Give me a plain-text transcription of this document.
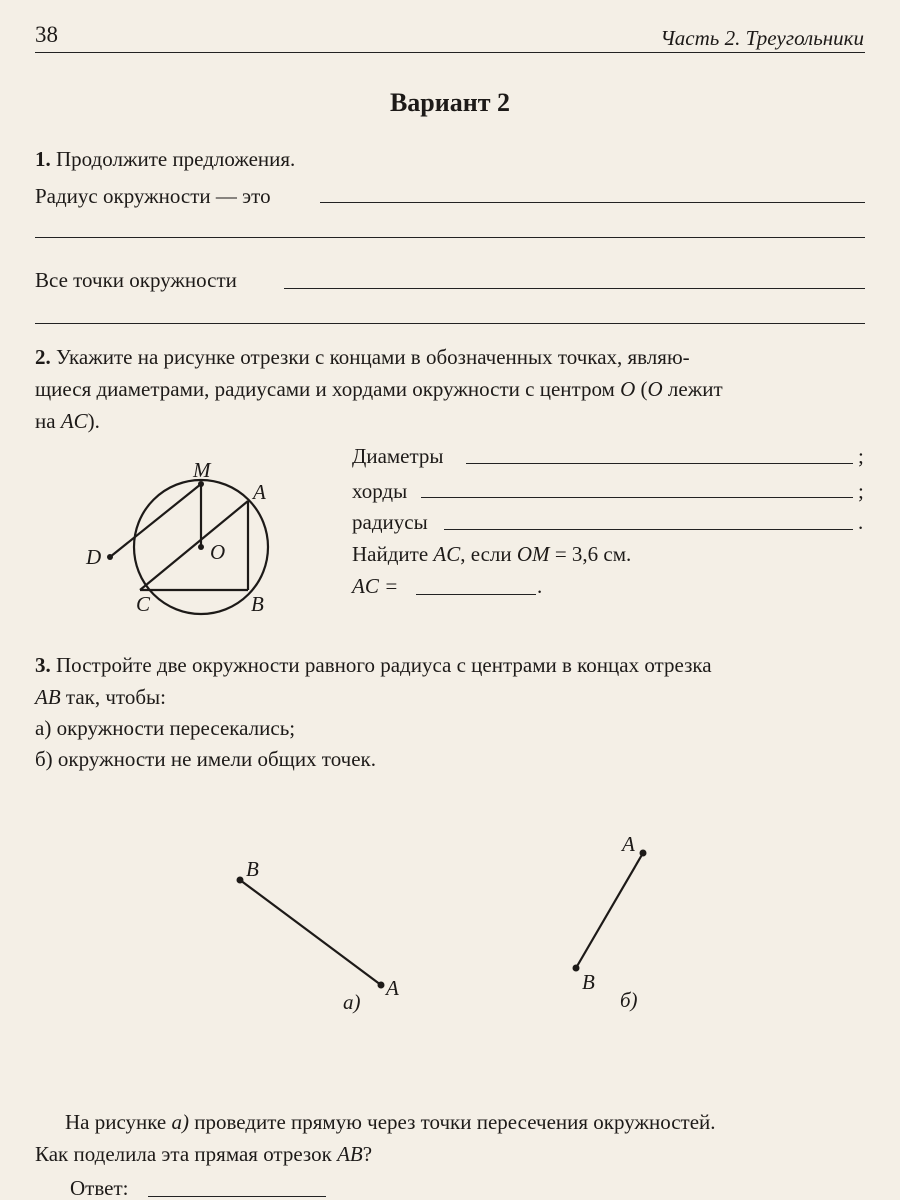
38	Часть 2. Треугольники
Вариант 2
1. Продолжите предложения.
Радиус окружности — это
Все точки окружности
2. Укажите на рисунке отрезки с концами в обозначенных точках, являю-
щиеся диаметрами, радиусами и хордами окружности с центром O (O лежит
на AC).
M
A
O
D
C	B
Диаметры	;
хорды	;
радиусы	.
Найдите AC, если OM = 3,6 см.
AC =	.
3. Постройте две окружности равного радиуса с центрами в концах отрезка
AB так, чтобы:
а) окружности пересекались;
б) окружности не имели общих точек.
B
A
а)
A
B
б)
На рисунке а) проведите прямую через точки пересечения окружностей.
Как поделила эта прямая отрезок AB?
Ответ:
